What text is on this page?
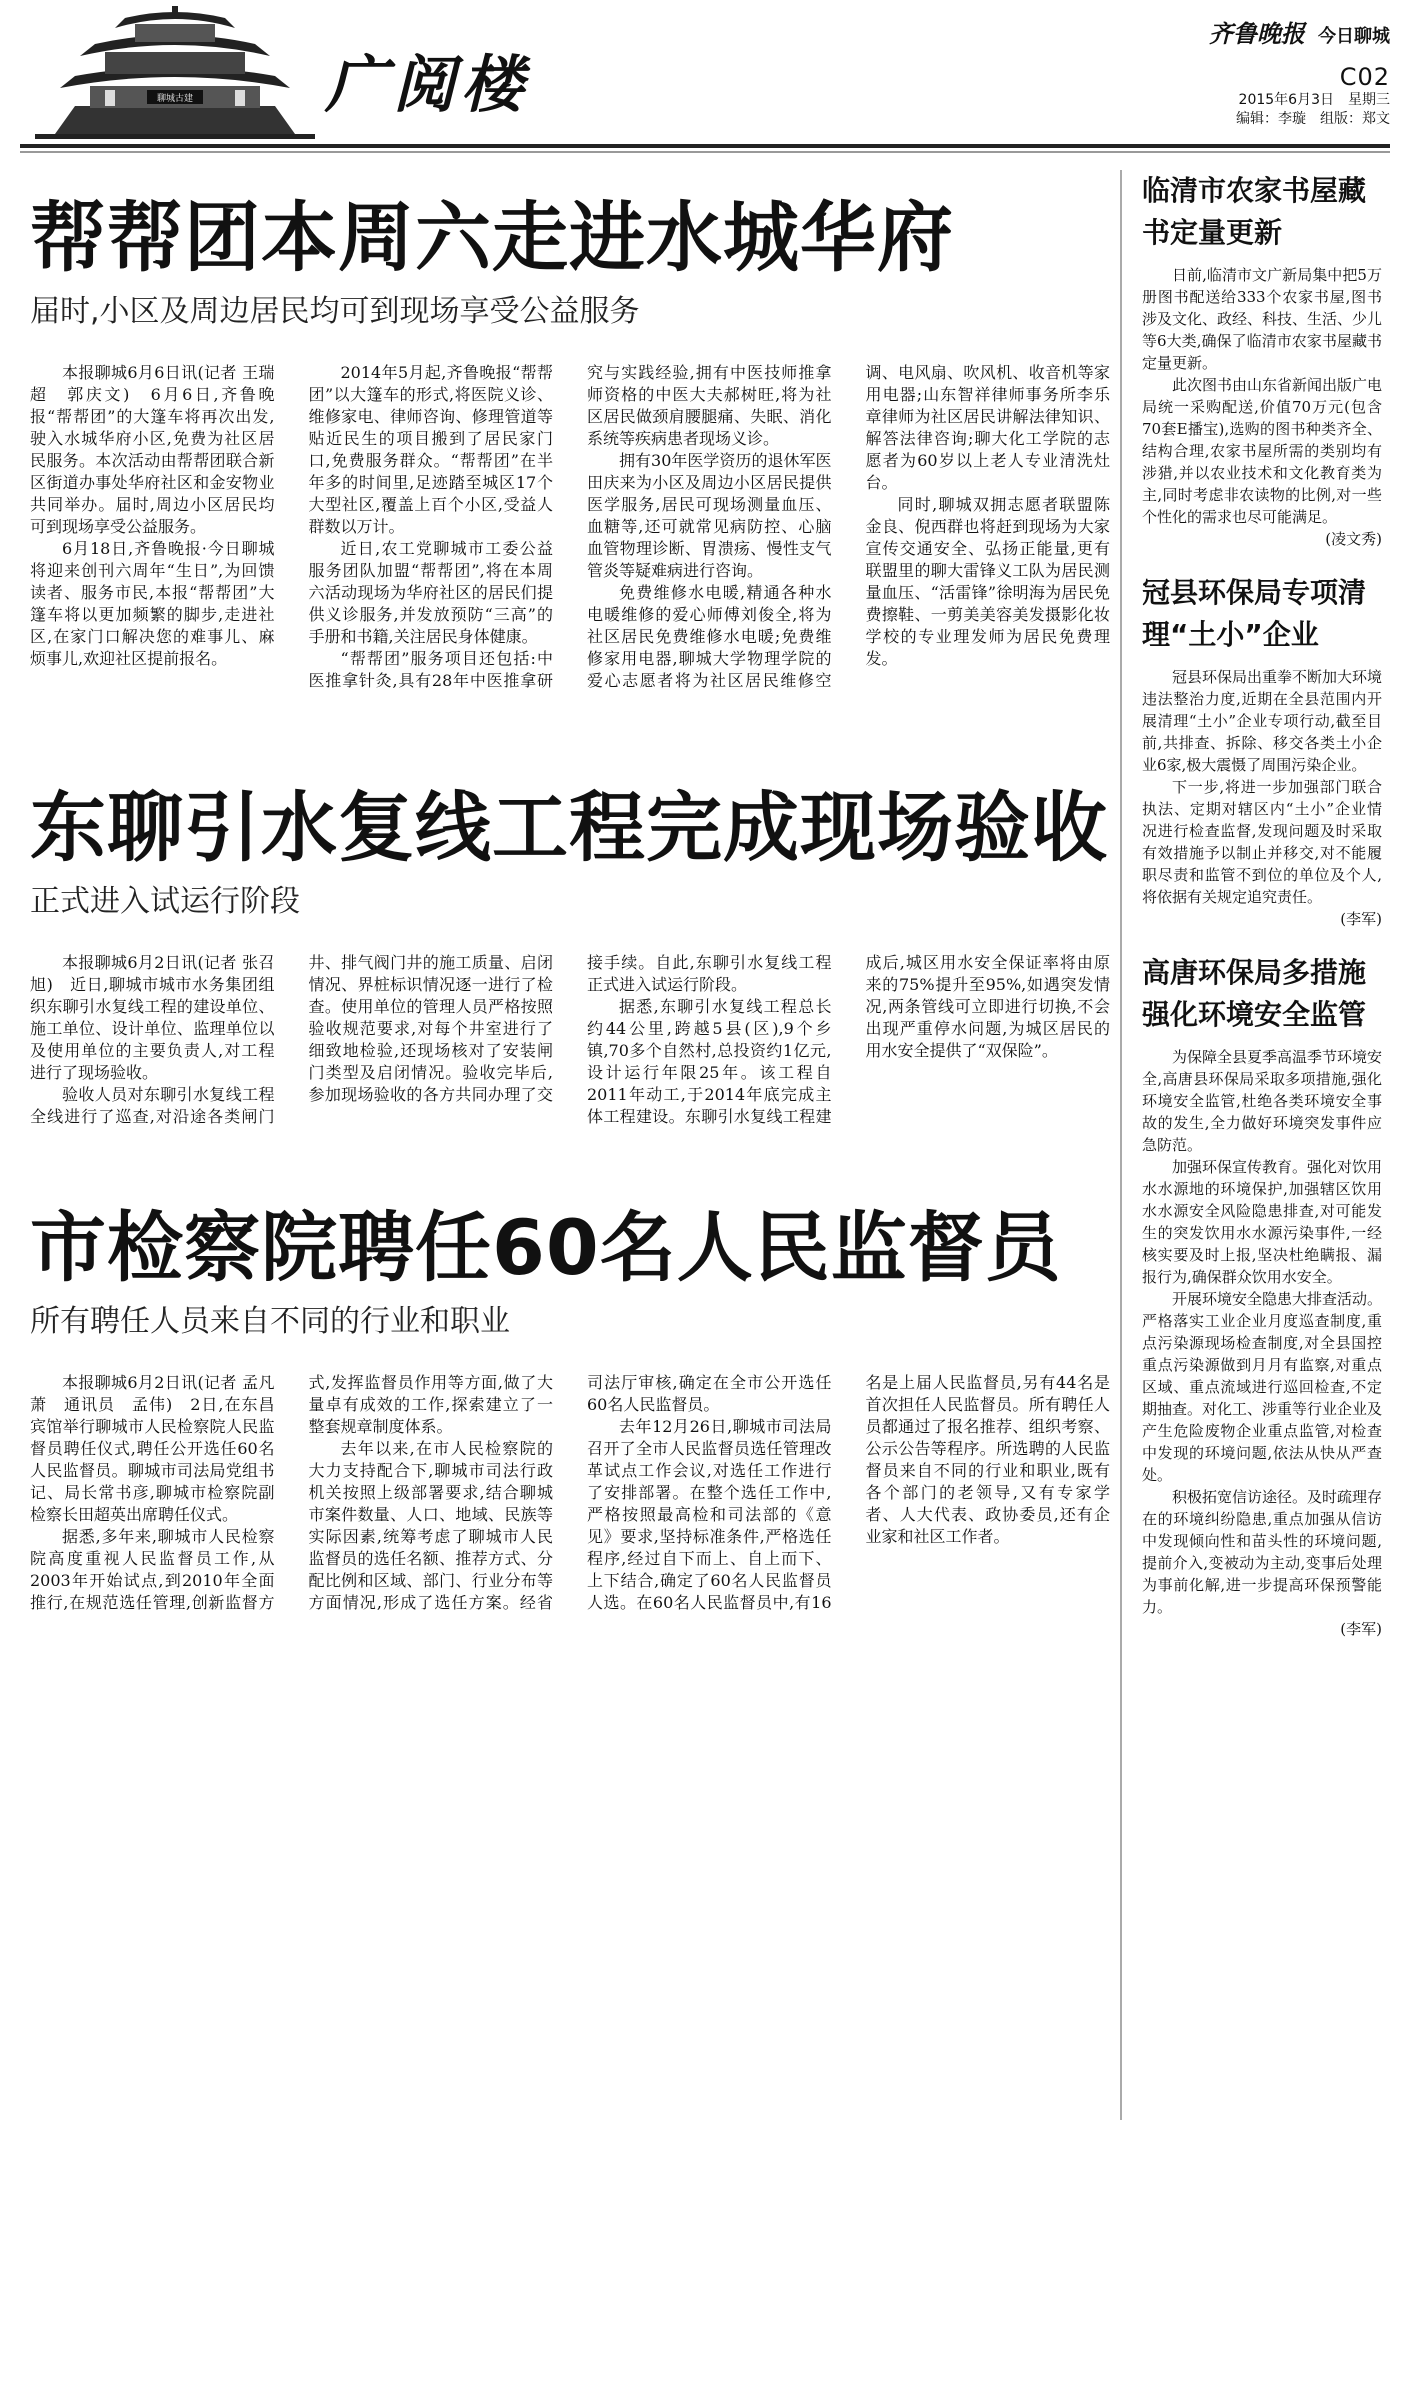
聊城古建 广阅楼
齐鲁晚报 今日聊城
C02
2015年6月3日　星期三
编辑：李璇　组版：郑文
帮帮团本周六走进水城华府

届时,小区及周边居民均可到现场享受公益服务

本报聊城6月6日讯(记者 王瑞超　郭庆文)　6月6日,齐鲁晚报“帮帮团”的大篷车将再次出发,驶入水城华府小区,免费为社区居民服务。本次活动由帮帮团联合新区街道办事处华府社区和金安物业共同举办。届时,周边小区居民均可到现场享受公益服务。

6月18日,齐鲁晚报·今日聊城将迎来创刊六周年“生日”,为回馈读者、服务市民,本报“帮帮团”大篷车将以更加频繁的脚步,走进社区,在家门口解决您的难事儿、麻烦事儿,欢迎社区提前报名。

2014年5月起,齐鲁晚报“帮帮团”以大篷车的形式,将医院义诊、维修家电、律师咨询、修理管道等贴近民生的项目搬到了居民家门口,免费服务群众。“帮帮团”在半年多的时间里,足迹踏至城区17个大型社区,覆盖上百个小区,受益人群数以万计。

近日,农工党聊城市工委公益服务团队加盟“帮帮团”,将在本周六活动现场为华府社区的居民们提供义诊服务,并发放预防“三高”的手册和书籍,关注居民身体健康。

“帮帮团”服务项目还包括:中医推拿针灸,具有28年中医推拿研究与实践经验,拥有中医技师推拿师资格的中医大夫郝树旺,将为社区居民做颈肩腰腿痛、失眠、消化系统等疾病患者现场义诊。

拥有30年医学资历的退休军医田庆来为小区及周边小区居民提供医学服务,居民可现场测量血压、血糖等,还可就常见病防控、心脑血管物理诊断、胃溃疡、慢性支气管炎等疑难病进行咨询。

免费维修水电暖,精通各种水电暖维修的爱心师傅刘俊全,将为社区居民免费维修水电暖;免费维修家用电器,聊城大学物理学院的爱心志愿者将为社区居民维修空调、电风扇、吹风机、收音机等家用电器;山东智祥律师事务所李乐章律师为社区居民讲解法律知识、解答法律咨询;聊大化工学院的志愿者为60岁以上老人专业清洗灶台。

同时,聊城双拥志愿者联盟陈金良、倪西群也将赶到现场为大家宣传交通安全、弘扬正能量,更有联盟里的聊大雷锋义工队为居民测量血压、“活雷锋”徐明海为居民免费擦鞋、一剪美美容美发摄影化妆学校的专业理发师为居民免费理发。

东聊引水复线工程完成现场验收

正式进入试运行阶段

本报聊城6月2日讯(记者 张召旭)　近日,聊城市城市水务集团组织东聊引水复线工程的建设单位、施工单位、设计单位、监理单位以及使用单位的主要负责人,对工程进行了现场验收。

验收人员对东聊引水复线工程全线进行了巡查,对沿途各类闸门井、排气阀门井的施工质量、启闭情况、界桩标识情况逐一进行了检查。使用单位的管理人员严格按照验收规范要求,对每个井室进行了细致地检验,还现场核对了安装闸门类型及启闭情况。验收完毕后,参加现场验收的各方共同办理了交接手续。自此,东聊引水复线工程正式进入试运行阶段。

据悉,东聊引水复线工程总长约44公里,跨越5县(区),9个乡镇,70多个自然村,总投资约1亿元,设计运行年限25年。该工程自2011年动工,于2014年底完成主体工程建设。东聊引水复线工程建成后,城区用水安全保证率将由原来的75%提升至95%,如遇突发情况,两条管线可立即进行切换,不会出现严重停水问题,为城区居民的用水安全提供了“双保险”。

市检察院聘任60名人民监督员

所有聘任人员来自不同的行业和职业

本报聊城6月2日讯(记者 孟凡萧　通讯员　孟伟)　2日,在东昌宾馆举行聊城市人民检察院人民监督员聘任仪式,聘任公开选任60名人民监督员。聊城市司法局党组书记、局长常书彦,聊城市检察院副检察长田超英出席聘任仪式。

据悉,多年来,聊城市人民检察院高度重视人民监督员工作,从2003年开始试点,到2010年全面推行,在规范选任管理,创新监督方式,发挥监督员作用等方面,做了大量卓有成效的工作,探索建立了一整套规章制度体系。

去年以来,在市人民检察院的大力支持配合下,聊城市司法行政机关按照上级部署要求,结合聊城市案件数量、人口、地域、民族等实际因素,统筹考虑了聊城市人民监督员的选任名额、推荐方式、分配比例和区域、部门、行业分布等方面情况,形成了选任方案。经省司法厅审核,确定在全市公开选任60名人民监督员。

去年12月26日,聊城市司法局召开了全市人民监督员选任管理改革试点工作会议,对选任工作进行了安排部署。在整个选任工作中,严格按照最高检和司法部的《意见》要求,坚持标准条件,严格选任程序,经过自下而上、自上而下、上下结合,确定了60名人民监督员人选。在60名人民监督员中,有16名是上届人民监督员,另有44名是首次担任人民监督员。所有聘任人员都通过了报名推荐、组织考察、公示公告等程序。所选聘的人民监督员来自不同的行业和职业,既有各个部门的老领导,又有专家学者、人大代表、政协委员,还有企业家和社区工作者。

临清市农家书屋藏书定量更新

日前,临清市文广新局集中把5万册图书配送给333个农家书屋,图书涉及文化、政经、科技、生活、少儿等6大类,确保了临清市农家书屋藏书定量更新。

此次图书由山东省新闻出版广电局统一采购配送,价值70万元(包含70套E播宝),选购的图书种类齐全、结构合理,农家书屋所需的类别均有涉猎,并以农业技术和文化教育类为主,同时考虑非农读物的比例,对一些个性化的需求也尽可能满足。

(凌文秀)
冠县环保局专项清理“土小”企业

冠县环保局出重拳不断加大环境违法整治力度,近期在全县范围内开展清理“土小”企业专项行动,截至目前,共排查、拆除、移交各类土小企业6家,极大震慑了周围污染企业。

下一步,将进一步加强部门联合执法、定期对辖区内“土小”企业情况进行检查监督,发现问题及时采取有效措施予以制止并移交,对不能履职尽责和监管不到位的单位及个人,将依据有关规定追究责任。

(李军)
高唐环保局多措施强化环境安全监管

为保障全县夏季高温季节环境安全,高唐县环保局采取多项措施,强化环境安全监管,杜绝各类环境安全事故的发生,全力做好环境突发事件应急防范。

加强环保宣传教育。强化对饮用水水源地的环境保护,加强辖区饮用水水源安全风险隐患排查,对可能发生的突发饮用水水源污染事件,一经核实要及时上报,坚决杜绝瞒报、漏报行为,确保群众饮用水安全。

开展环境安全隐患大排查活动。严格落实工业企业月度巡查制度,重点污染源现场检查制度,对全县国控重点污染源做到月月有监察,对重点区域、重点流域进行巡回检查,不定期抽查。对化工、涉重等行业企业及产生危险废物企业重点监管,对检查中发现的环境问题,依法从快从严查处。

积极拓宽信访途径。及时疏理存在的环境纠纷隐患,重点加强从信访中发现倾向性和苗头性的环境问题,提前介入,变被动为主动,变事后处理为事前化解,进一步提高环保预警能力。

(李军)
